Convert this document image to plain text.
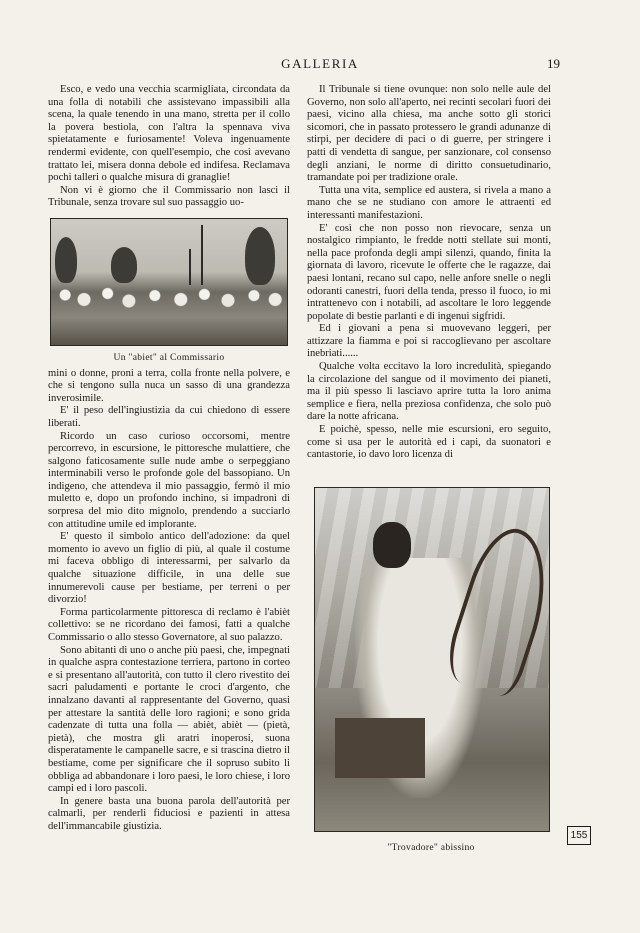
GALLERIA	19

Esco, e vedo una vecchia scarmigliata, circondata da una folla di notabili che assistevano impassibili alla scena, la quale tenendo in una mano, stretta per il collo la povera bestiola, con l'altra la spennava viva spietatamente e furiosamente! Voleva ingenuamente rendermi evidente, con quell'esempio, che così avevano trattato lei, misera donna debole ed indifesa. Reclamava pochi talleri o qualche misura di granaglie!

Non vi è giorno che il Commissario non lasci il Tribunale, senza trovare sul suo passaggio uo-

Un "abiet" al Commissario

mini o donne, proni a terra, colla fronte nella polvere, e che si tengono sulla nuca un sasso di una grandezza inverosimile.

E' il peso dell'ingiustizia da cui chiedono di essere liberati.

Ricordo un caso curioso occorsomi, mentre percorrevo, in escursione, le pittoresche mulattiere, che salgono faticosamente sulle nude ambe o serpeggiano interminabili verso le profonde gole del bassopiano. Un indigeno, che attendeva il mio passaggio, fermò il mio muletto e, dopo un profondo inchino, si impadronì di sorpresa del mio dito mignolo, prendendo a succiarlo con attitudine umile ed implorante.

E' questo il simbolo antico dell'adozione: da quel momento io avevo un figlio di più, al quale il costume mi faceva obbligo di interessarmi, per salvarlo da qualche situazione difficile, in una delle sue innumerevoli cause per bestiame, per terreni o per divorzio!

Forma particolarmente pittoresca di reclamo è l'abièt collettivo: se ne ricordano dei famosi, fatti a qualche Commissario o allo stesso Governatore, al suo palazzo.

Sono abitanti di uno o anche più paesi, che, impegnati in qualche aspra contestazione terriera, partono in corteo e si presentano all'autorità, con tutto il clero rivestito dei sacri paludamenti e portante le croci d'argento, che innalzano davanti al rappresentante del Governo, quasi per attestare la santità delle loro ragioni; e sono grida cadenzate di tutta una folla — abièt, abièt — (pietà, pietà), che mostra gli aratri inoperosi, suona disperatamente le campanelle sacre, e si trascina dietro il bestiame, come per significare che il sopruso subito li obbliga ad abbandonare i loro paesi, le loro chiese, i loro campi ed i loro pascoli.

In genere basta una buona parola dell'autorità per calmarli, per renderli fiduciosi e pazienti in attesa dell'immancabile giustizia.

Il Tribunale si tiene ovunque: non solo nelle aule del Governo, non solo all'aperto, nei recinti secolari fuori dei paesi, vicino alla chiesa, ma anche sotto gli storici sicomori, che in passato protessero le grandi adunanze di stirpi, per decidere di paci o di guerre, per stringere i patti di vendetta di sangue, per sanzionare, col consenso degli anziani, le norme di diritto consuetudinario, tramandate poi per tradizione orale.

Tutta una vita, semplice ed austera, si rivela a mano a mano che se ne studiano con amore le attraenti ed interessanti manifestazioni.

E' così che non posso non rievocare, senza un nostalgico rimpianto, le fredde notti stellate sui monti, nella pace profonda degli ampi silenzi, quando, finita la giornata di lavoro, ricevute le offerte che le ragazze, dai paesi lontani, recano sul capo, nelle anfore snelle o negli odoranti canestri, fuori della tenda, presso il fuoco, io mi intrattenevo con i notabili, ad ascoltare le loro leggende popolate di bestie parlanti e di ingenui sigfridi.

Ed i giovani a pena si muovevano leggeri, per attizzare la fiamma e poi si raccoglievano per ascoltare inebriati......

Qualche volta eccitavo la loro incredulità, spiegando la circolazione del sangue od il movimento dei pianeti, ma il più spesso li lasciavo aprire tutta la loro anima semplice e fiera, nella preziosa confidenza, che solo può dare la notte africana.

E poichè, spesso, nelle mie escursioni, ero seguito, come si usa per le autorità ed i capi, da suonatori e cantastorie, io davo loro licenza di

"Trovadore" abissino
155
